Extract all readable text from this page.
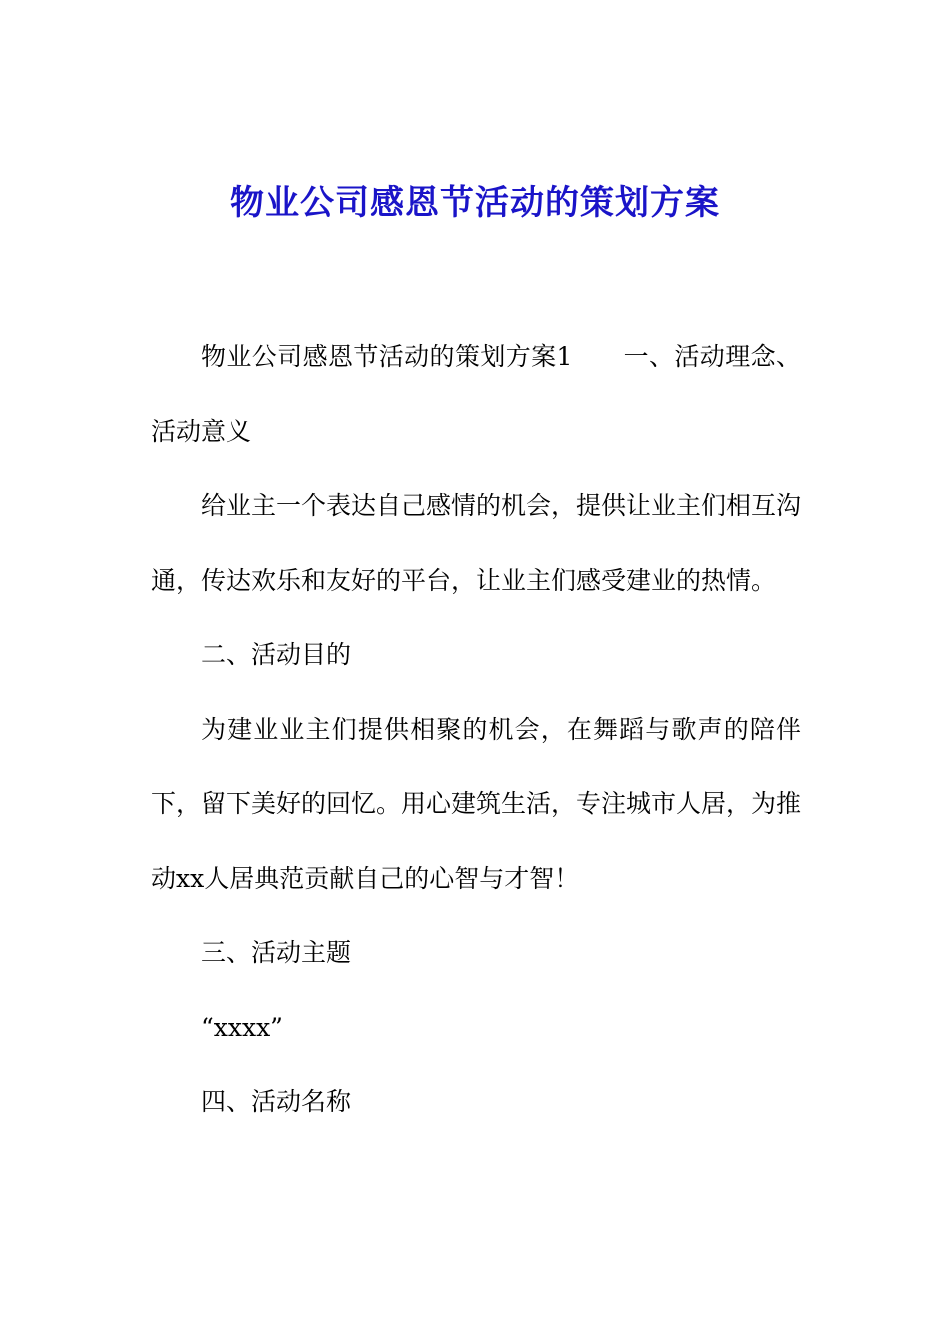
物业公司感恩节活动的策划方案

物业公司感恩节活动的策划方案1　　一、活动理念、活动意义

给业主一个表达自己感情的机会，提供让业主们相互沟通，传达欢乐和友好的平台，让业主们感受建业的热情。

二、活动目的

为建业业主们提供相聚的机会，在舞蹈与歌声的陪伴下，留下美好的回忆。用心建筑生活，专注城市人居，为推动xx人居典范贡献自己的心智与才智！

三、活动主题

“xxxx”

四、活动名称
